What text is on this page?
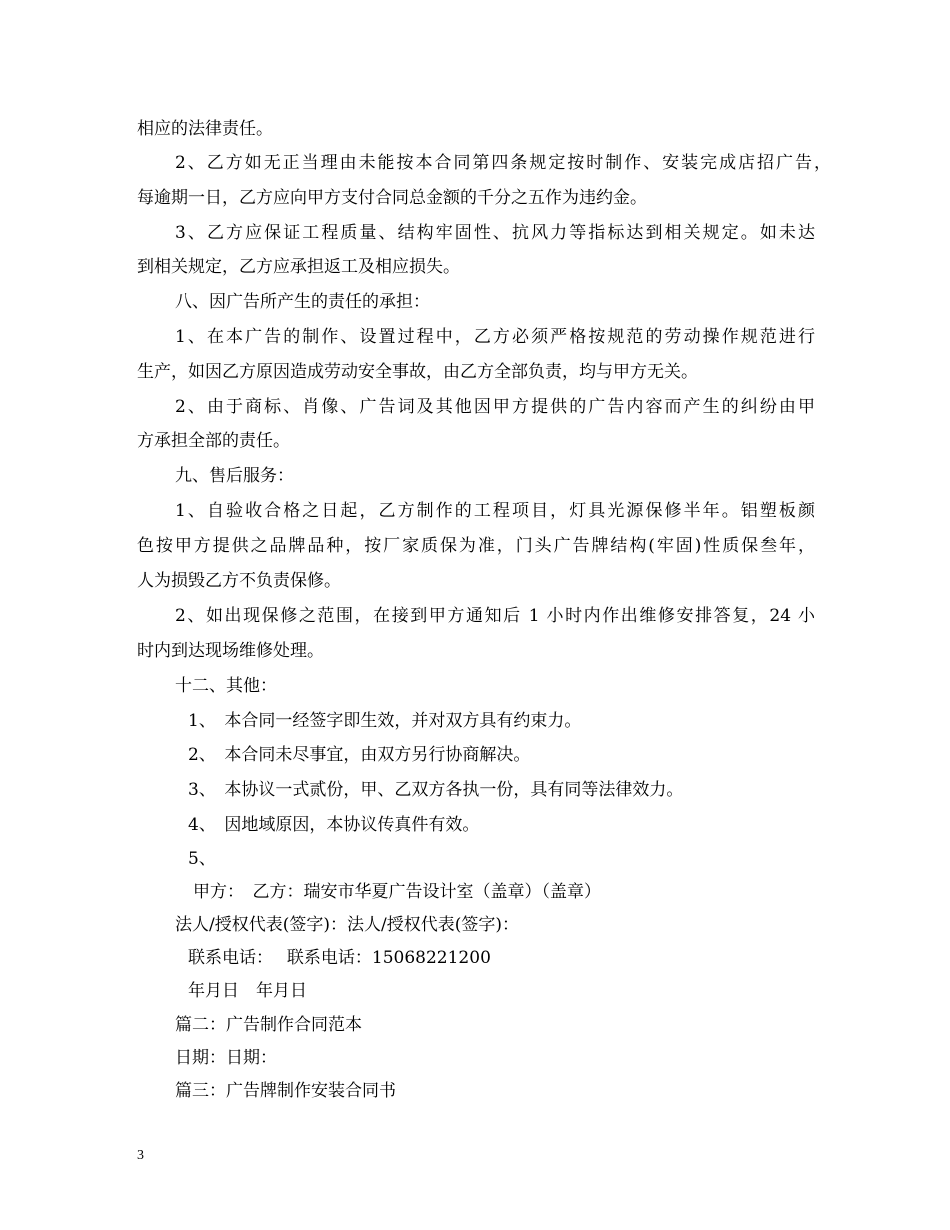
相应的法律责任。
2、乙方如无正当理由未能按本合同第四条规定按时制作、安装完成店招广告，
每逾期一日，乙方应向甲方支付合同总金额的千分之五作为违约金。
3、乙方应保证工程质量、结构牢固性、抗风力等指标达到相关规定。如未达
到相关规定，乙方应承担返工及相应损失。
八、因广告所产生的责任的承担：
1、在本广告的制作、设置过程中，乙方必须严格按规范的劳动操作规范进行
生产，如因乙方原因造成劳动安全事故，由乙方全部负责，均与甲方无关。
2、由于商标、肖像、广告词及其他因甲方提供的广告内容而产生的纠纷由甲
方承担全部的责任。
九、售后服务：
1、自验收合格之日起，乙方制作的工程项目，灯具光源保修半年。铝塑板颜
色按甲方提供之品牌品种，按厂家质保为准，门头广告牌结构(牢固)性质保叁年，
人为损毁乙方不负责保修。
2、如出现保修之范围，在接到甲方通知后 1 小时内作出维修安排答复，24 小
时内到达现场维修处理。
十二、其他：
1、　本合同一经签字即生效，并对双方具有约束力。
2、　本合同未尽事宜，由双方另行协商解决。
3、　本协议一式贰份，甲、乙双方各执一份，具有同等法律效力。
4、　因地域原因，本协议传真件有效。
5、
甲方：　乙方：瑞安市华夏广告设计室（盖章）（盖章）
法人/授权代表(签字)：法人/授权代表(签字)：
联系电话：　 联系电话：15068221200
年月日　年月日
篇二：广告制作合同范本
日期：日期：
篇三：广告牌制作安装合同书
3
